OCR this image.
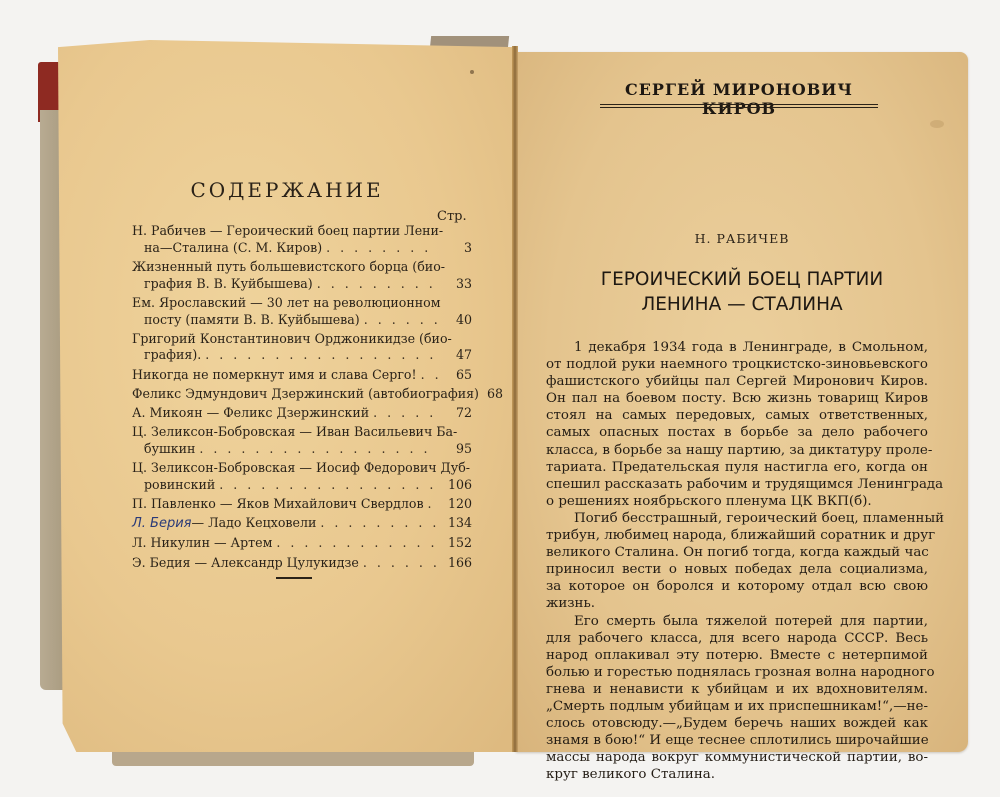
СОДЕРЖАНИЕ
Стр.
Н. Рабичев — Героический боец партии Лени-
на—Сталина (С. М. Киров) . . .	3
Жизненный путь большевистского борца (био-
графия В. В. Куйбышева) . . .	33
Ем. Ярославский — 30 лет на революционном
посту (памяти В. В. Куйбышева) . . .	40
Григорий Константинович Орджоникидзе (био-
графия). . . .	47
Никогда не померкнут имя и слава Серго! . . .	65
Феликс Эдмундович Дзержинский (автобиография) 68
А. Микоян — Феликс Дзержинский . . .	72
Ц. Зеликсон-Бобровская — Иван Васильевич Ба-
бушкин . . .	95
Ц. Зеликсон-Бобровская — Иосиф Федорович Дуб-
ровинский . . .	106
П. Павленко — Яков Михайлович Свердлов . . .	120
Л. Берия — Ладо Кецховели . . .	134
Л. Никулин — Артем . . .	152
Э. Бедия — Александр Цулукидзе . . .	166
СЕРГЕЙ МИРОНОВИЧ КИРОВ
Н. РАБИЧЕВ
ГЕРОИЧЕСКИЙ БОЕЦ ПАРТИИ
ЛЕНИНА — СТАЛИНА
1 декабря 1934 года в Ленинграде, в Смольном,
от подлой руки наемного троцкистско-зиновьевского
фашистского убийцы пал Сергей Миронович Киров.
Он пал на боевом посту. Всю жизнь товарищ Киров
стоял на самых передовых, самых ответственных,
самых опасных постах в борьбе за дело рабочего
класса, в борьбе за нашу партию, за диктатуру проле-
тариата. Предательская пуля настигла его, когда он
спешил рассказать рабочим и трудящимся Ленинграда
о решениях ноябрьского пленума ЦК ВКП(б).
Погиб бесстрашный, героический боец, пламенный
трибун, любимец народа, ближайший соратник и друг
великого Сталина. Он погиб тогда, когда каждый час
приносил вести о новых победах дела социализма,
за которое он боролся и которому отдал всю свою
жизнь.
Его смерть была тяжелой потерей для партии,
для рабочего класса, для всего народа СССР. Весь
народ оплакивал эту потерю. Вместе с нетерпимой
болью и горестью поднялась грозная волна народного
гнева и ненависти к убийцам и их вдохновителям.
„Смерть подлым убийцам и их приспешникам!“,—не-
слось отовсюду.—„Будем беречь наших вождей как
знамя в бою!“ И еще теснее сплотились широчайшие
массы народа вокруг коммунистической партии, во-
круг великого Сталина.
